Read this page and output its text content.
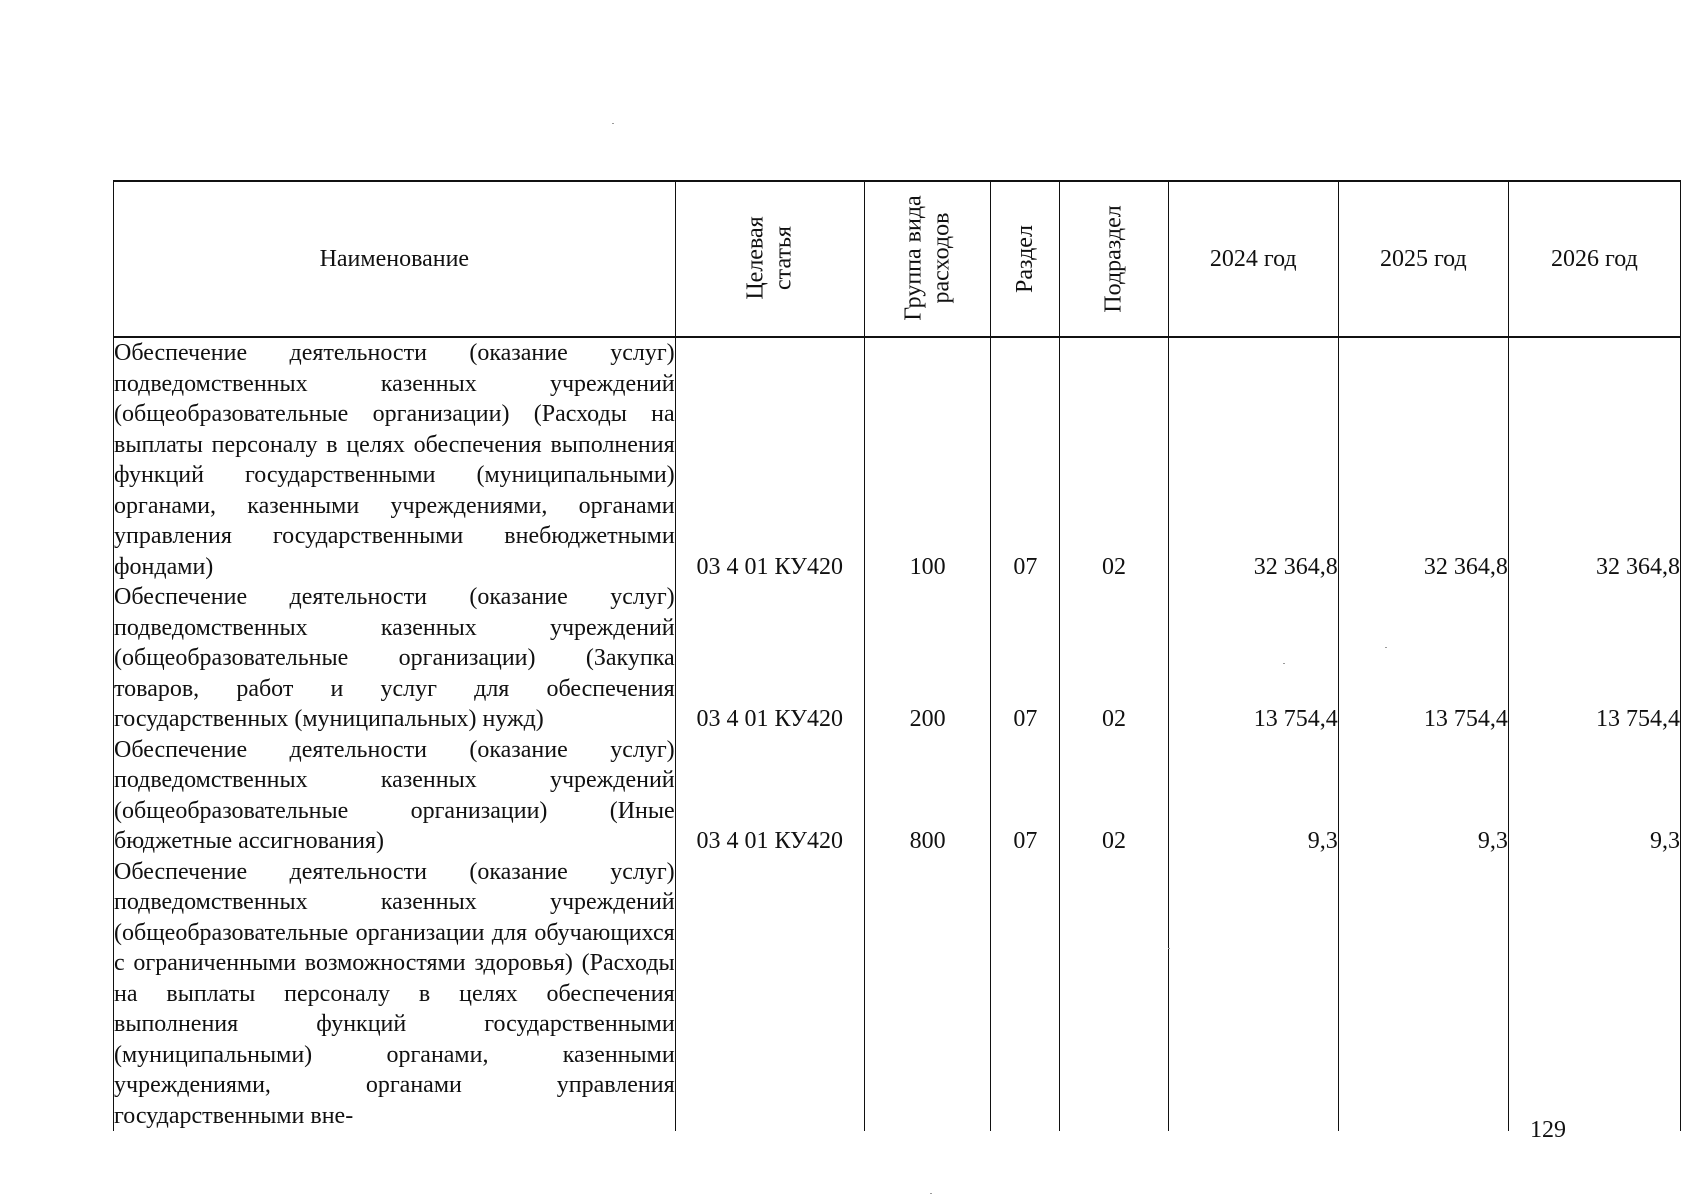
Наименование	Целевая статья	Группа вида расходов	Раздел	Подраздел	2024 год	2025 год	2026 год
Обеспечение деятельности (оказание услуг) подведомственных казенных учреждений (общеобразовательные организации) (Расходы на выплаты персоналу в целях обеспечения выполнения функций государственными (муниципальными) органами, казенными учреждениями, органами управления государственными внебюджетными фондами)	03 4 01 КУ420	100	07	02	32 364,8	32 364,8	32 364,8
Обеспечение деятельности (оказание услуг) подведомственных казенных учреждений (общеобразовательные организации) (Закупка товаров, работ и услуг для обеспечения государственных (муниципальных) нужд)	03 4 01 КУ420	200	07	02	13 754,4	13 754,4	13 754,4
Обеспечение деятельности (оказание услуг) подведомственных казенных учреждений (общеобразовательные организации) (Иные бюджетные ассигнования)	03 4 01 КУ420	800	07	02	9,3	9,3	9,3
Обеспечение деятельности (оказание услуг) подведомственных казенных учреждений (общеобразовательные организации для обучающихся с ограниченными возможностями здоровья) (Расходы на выплаты персоналу в целях обеспечения выполнения функций государственными (муниципальными) органами, казенными учреждениями, органами управления государственными вне-							
129
